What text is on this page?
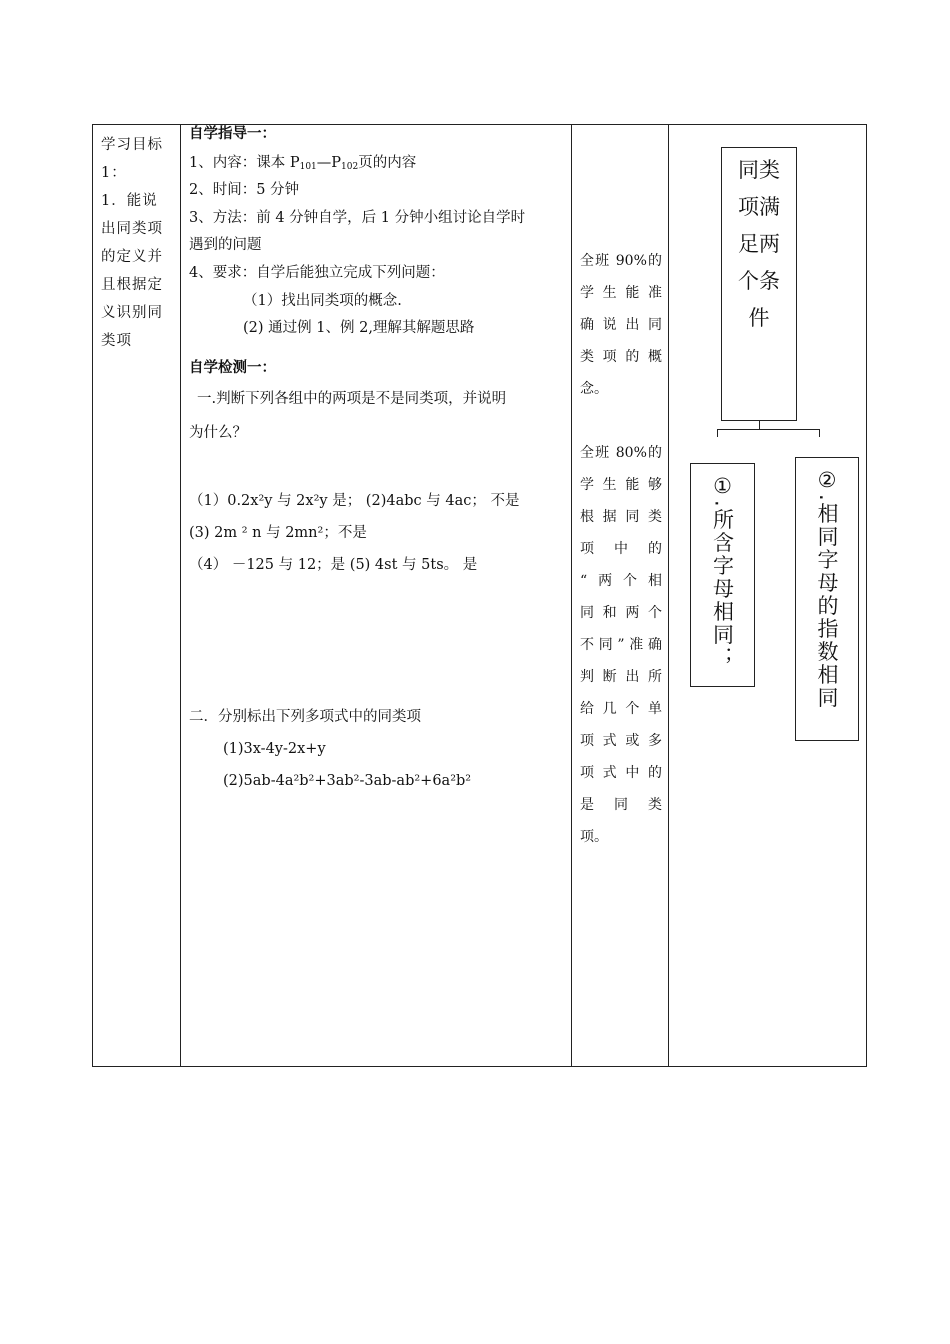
学习目标
1：
1．能说
出同类项
的定义并
且根据定
义识别同
类项
自学指导一：
1、内容：课本 $P_{101}—P_{102}$页的内容
2、时间：5 分钟
3、方法：前 4 分钟自学，后 1 分钟小组讨论自学时
遇到的问题
4、要求：自学后能独立完成下列问题：
（1）找出同类项的概念.
(2) 通过例 1、例 2,理解其解题思路
自学检测一：
一.判断下列各组中的两项是不是同类项，并说明
为什么？
（1）0.2x²y 与 2x²y 是； (2)4abc 与 4ac； 不是
(3) 2m ² n 与 2mn²；不是
（4） －125 与 12；是 (5) 4st 与 5ts。 是
二．分别标出下列多项式中的同类项
(1)3x-4y-2x+y
(2)5ab-4a²b²+3ab²-3ab-ab²+6a²b²

全班 90%的

学生能准

确说出同

类项的概

念。

全班 80%的

学生能够

根据同类

项中的

“两个相

同和两个

不同”准确

判断出所

给几个单

项式或多

项式中的

是同类

项。

同类
项满
足两
个条
件
①.所含字母相同；	②.相同字母的指数相同
